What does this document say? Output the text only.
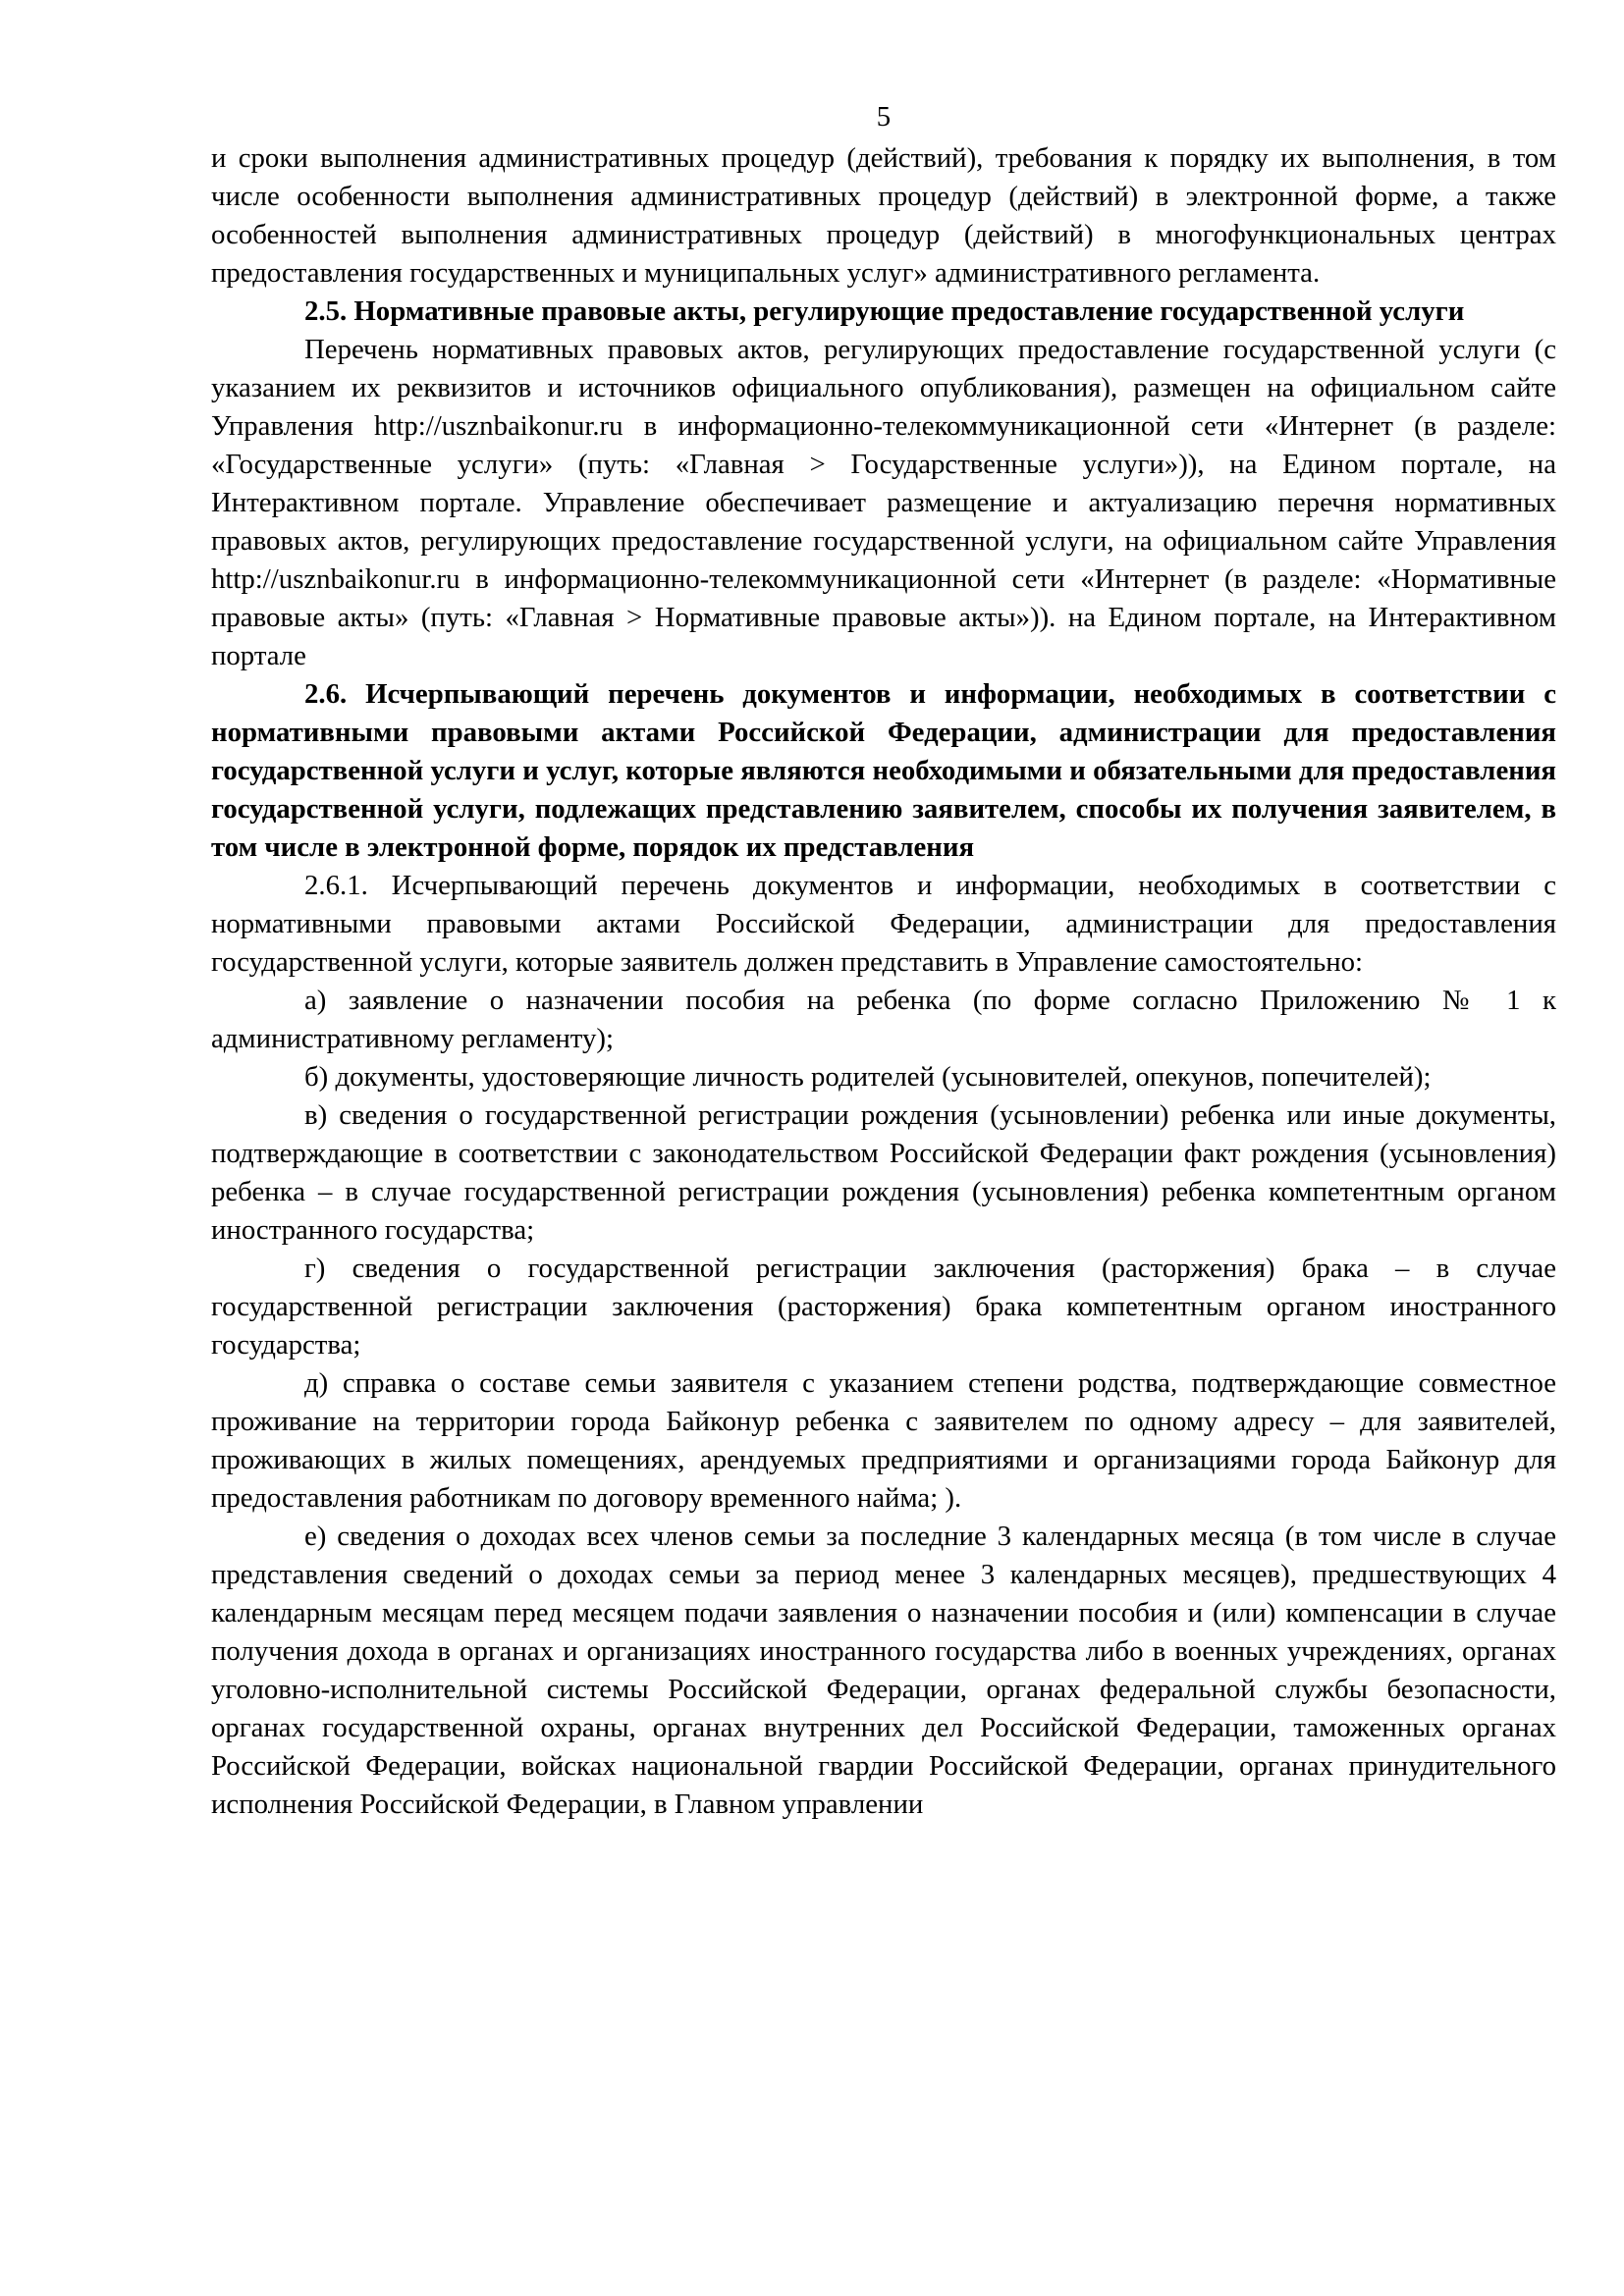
5

и сроки выполнения административных процедур (действий), требования к порядку их выполнения, в том числе особенности выполнения административных процедур (действий) в электронной форме, а также особенностей выполнения административных процедур (действий) в многофункциональных центрах предоставления государственных и муниципальных услуг» административного регламента.

2.5. Нормативные правовые акты, регулирующие предоставление государственной услуги

Перечень нормативных правовых актов, регулирующих предоставление государственной услуги (с указанием их реквизитов и источников официального опубликования), размещен на официальном сайте Управления http://usznbaikonur.ru в информационно-телекоммуникационной сети «Интернет (в разделе: «Государственные услуги» (путь: «Главная > Государственные услуги»)), на Едином портале, на Интерактивном портале. Управление обеспечивает размещение и актуализацию перечня нормативных правовых актов, регулирующих предоставление государственной услуги, на официальном сайте Управления http://usznbaikonur.ru в информационно-телекоммуникационной сети «Интернет (в разделе: «Нормативные правовые акты» (путь: «Главная > Нормативные правовые акты»)). на Едином портале, на Интерактивном портале

2.6. Исчерпывающий перечень документов и информации, необходимых в соответствии с нормативными правовыми актами Российской Федерации, администрации для предоставления государственной услуги и услуг, которые являются необходимыми и обязательными для предоставления государственной услуги, подлежащих представлению заявителем, способы их получения заявителем, в том числе в электронной форме, порядок их представления

2.6.1. Исчерпывающий перечень документов и информации, необходимых в соответствии с нормативными правовыми актами Российской Федерации, администрации для предоставления государственной услуги, которые заявитель должен представить в Управление самостоятельно:

а) заявление о назначении пособия на ребенка (по форме согласно Приложению № 1 к административному регламенту);

б) документы, удостоверяющие личность родителей (усыновителей, опекунов, попечителей);

в) сведения о государственной регистрации рождения (усыновлении) ребенка или иные документы, подтверждающие в соответствии с законодательством Российской Федерации факт рождения (усыновления) ребенка – в случае государственной регистрации рождения (усыновления) ребенка компетентным органом иностранного государства;

г) сведения о государственной регистрации заключения (расторжения) брака – в случае государственной регистрации заключения (расторжения) брака компетентным органом иностранного государства;

д) справка о составе семьи заявителя с указанием степени родства, подтверждающие совместное проживание на территории города Байконур ребенка с заявителем по одному адресу – для заявителей, проживающих в жилых помещениях, арендуемых предприятиями и организациями города Байконур для предоставления работникам по договору временного найма; ).

е) сведения о доходах всех членов семьи за последние 3 календарных месяца (в том числе в случае представления сведений о доходах семьи за период менее 3 календарных месяцев), предшествующих 4 календарным месяцам перед месяцем подачи заявления о назначении пособия и (или) компенсации в случае получения дохода в органах и организациях иностранного государства либо в военных учреждениях, органах уголовно-исполнительной системы Российской Федерации, органах федеральной службы безопасности, органах государственной охраны, органах внутренних дел Российской Федерации, таможенных органах Российской Федерации, войсках национальной гвардии Российской Федерации, органах принудительного исполнения Российской Федерации, в Главном управлении
